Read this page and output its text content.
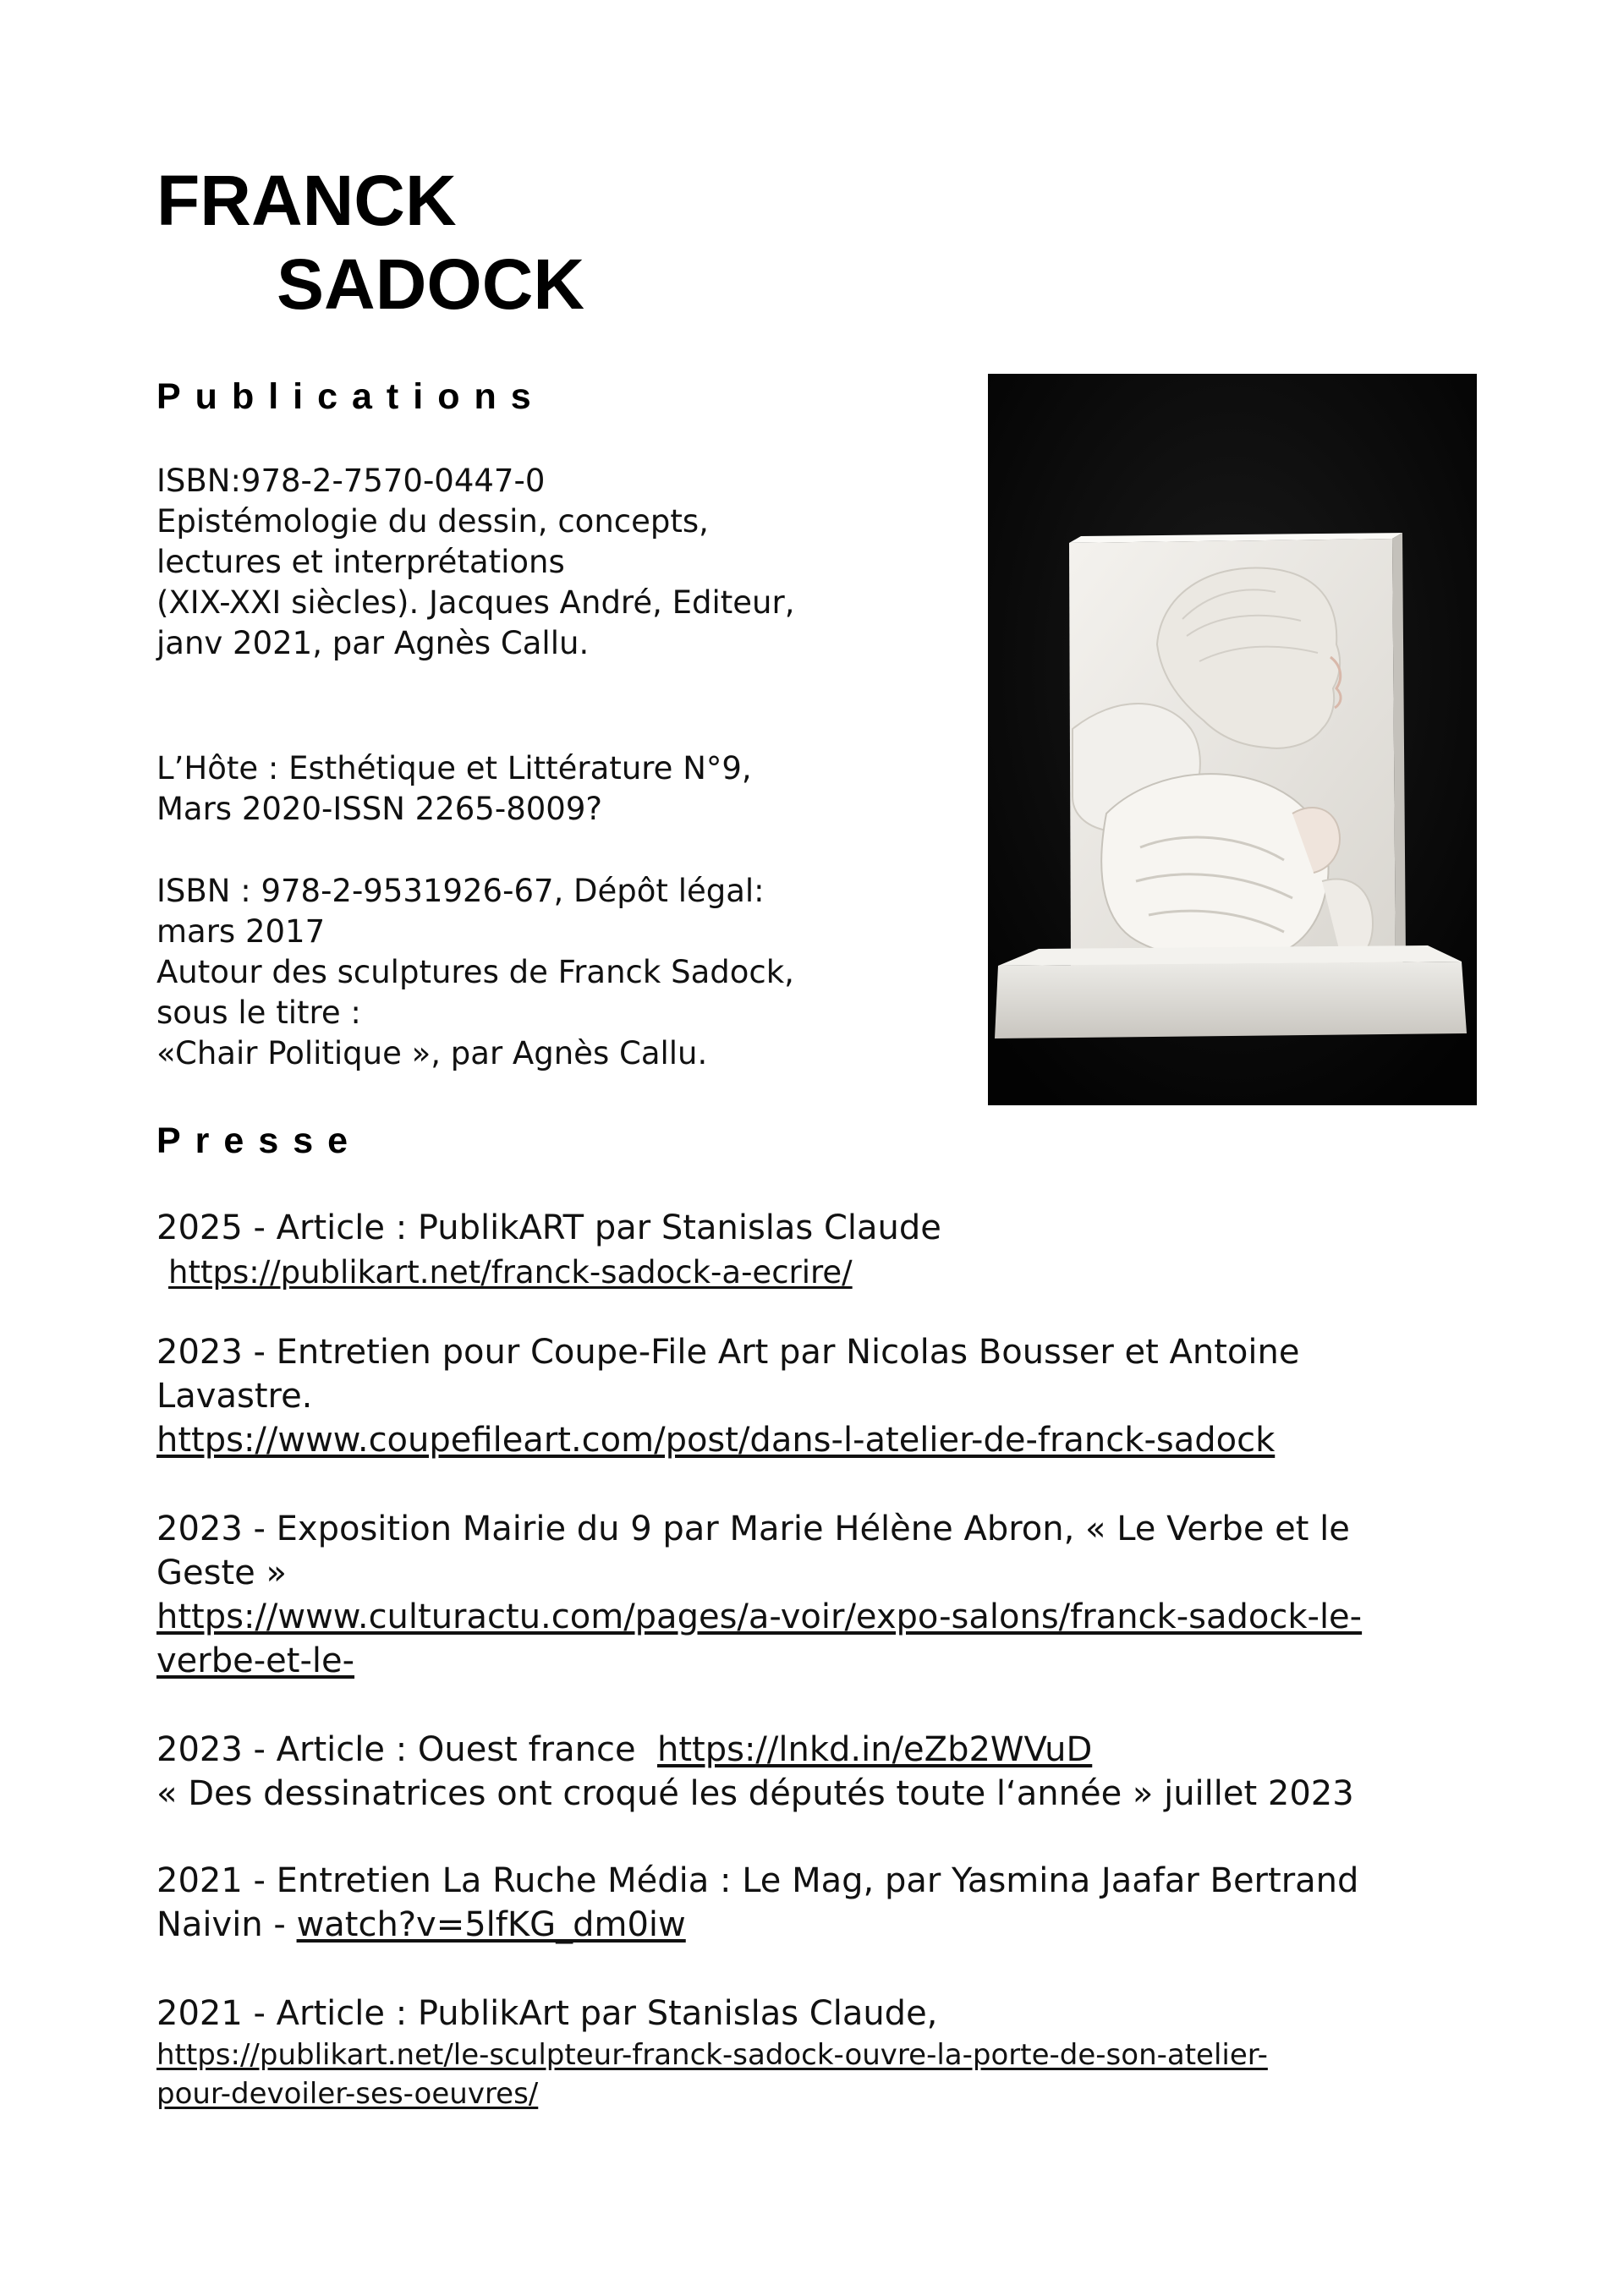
FRANCK
SADOCK
Publications
ISBN:978-2-7570-0447-0
Epistémologie du dessin, concepts,
lectures et interprétations
(XIX-XXI siècles). Jacques André, Editeur,
janv 2021, par Agnès Callu.
L’Hôte : Esthétique et Littérature N°9,
Mars 2020-ISSN 2265-8009?
ISBN : 978-2-9531926-67, Dépôt légal:
mars 2017
Autour des sculptures de Franck Sadock,
sous le titre :
«Chair Politique », par Agnès Callu.
Presse
2025 - Article : PublikART par Stanislas Claude
https://publikart.net/franck-sadock-a-ecrire/
2023 - Entretien pour Coupe-File Art par Nicolas Bousser et Antoine
Lavastre.
https://www.coupefileart.com/post/dans-l-atelier-de-franck-sadock
2023 - Exposition Mairie du 9 par Marie Hélène Abron, « Le Verbe et le
Geste »
https://www.culturactu.com/pages/a-voir/expo-salons/franck-sadock-le-
verbe-et-le-
2023 - Article : Ouest france https://lnkd.in/eZb2WVuD
« Des dessinatrices ont croqué les députés toute l‘année » juillet 2023
2021 - Entretien La Ruche Média : Le Mag, par Yasmina Jaafar Bertrand
Naivin - watch?v=5lfKG_dm0iw
2021 - Article : PublikArt par Stanislas Claude,
https://publikart.net/le-sculpteur-franck-sadock-ouvre-la-porte-de-son-atelier-
pour-devoiler-ses-oeuvres/
